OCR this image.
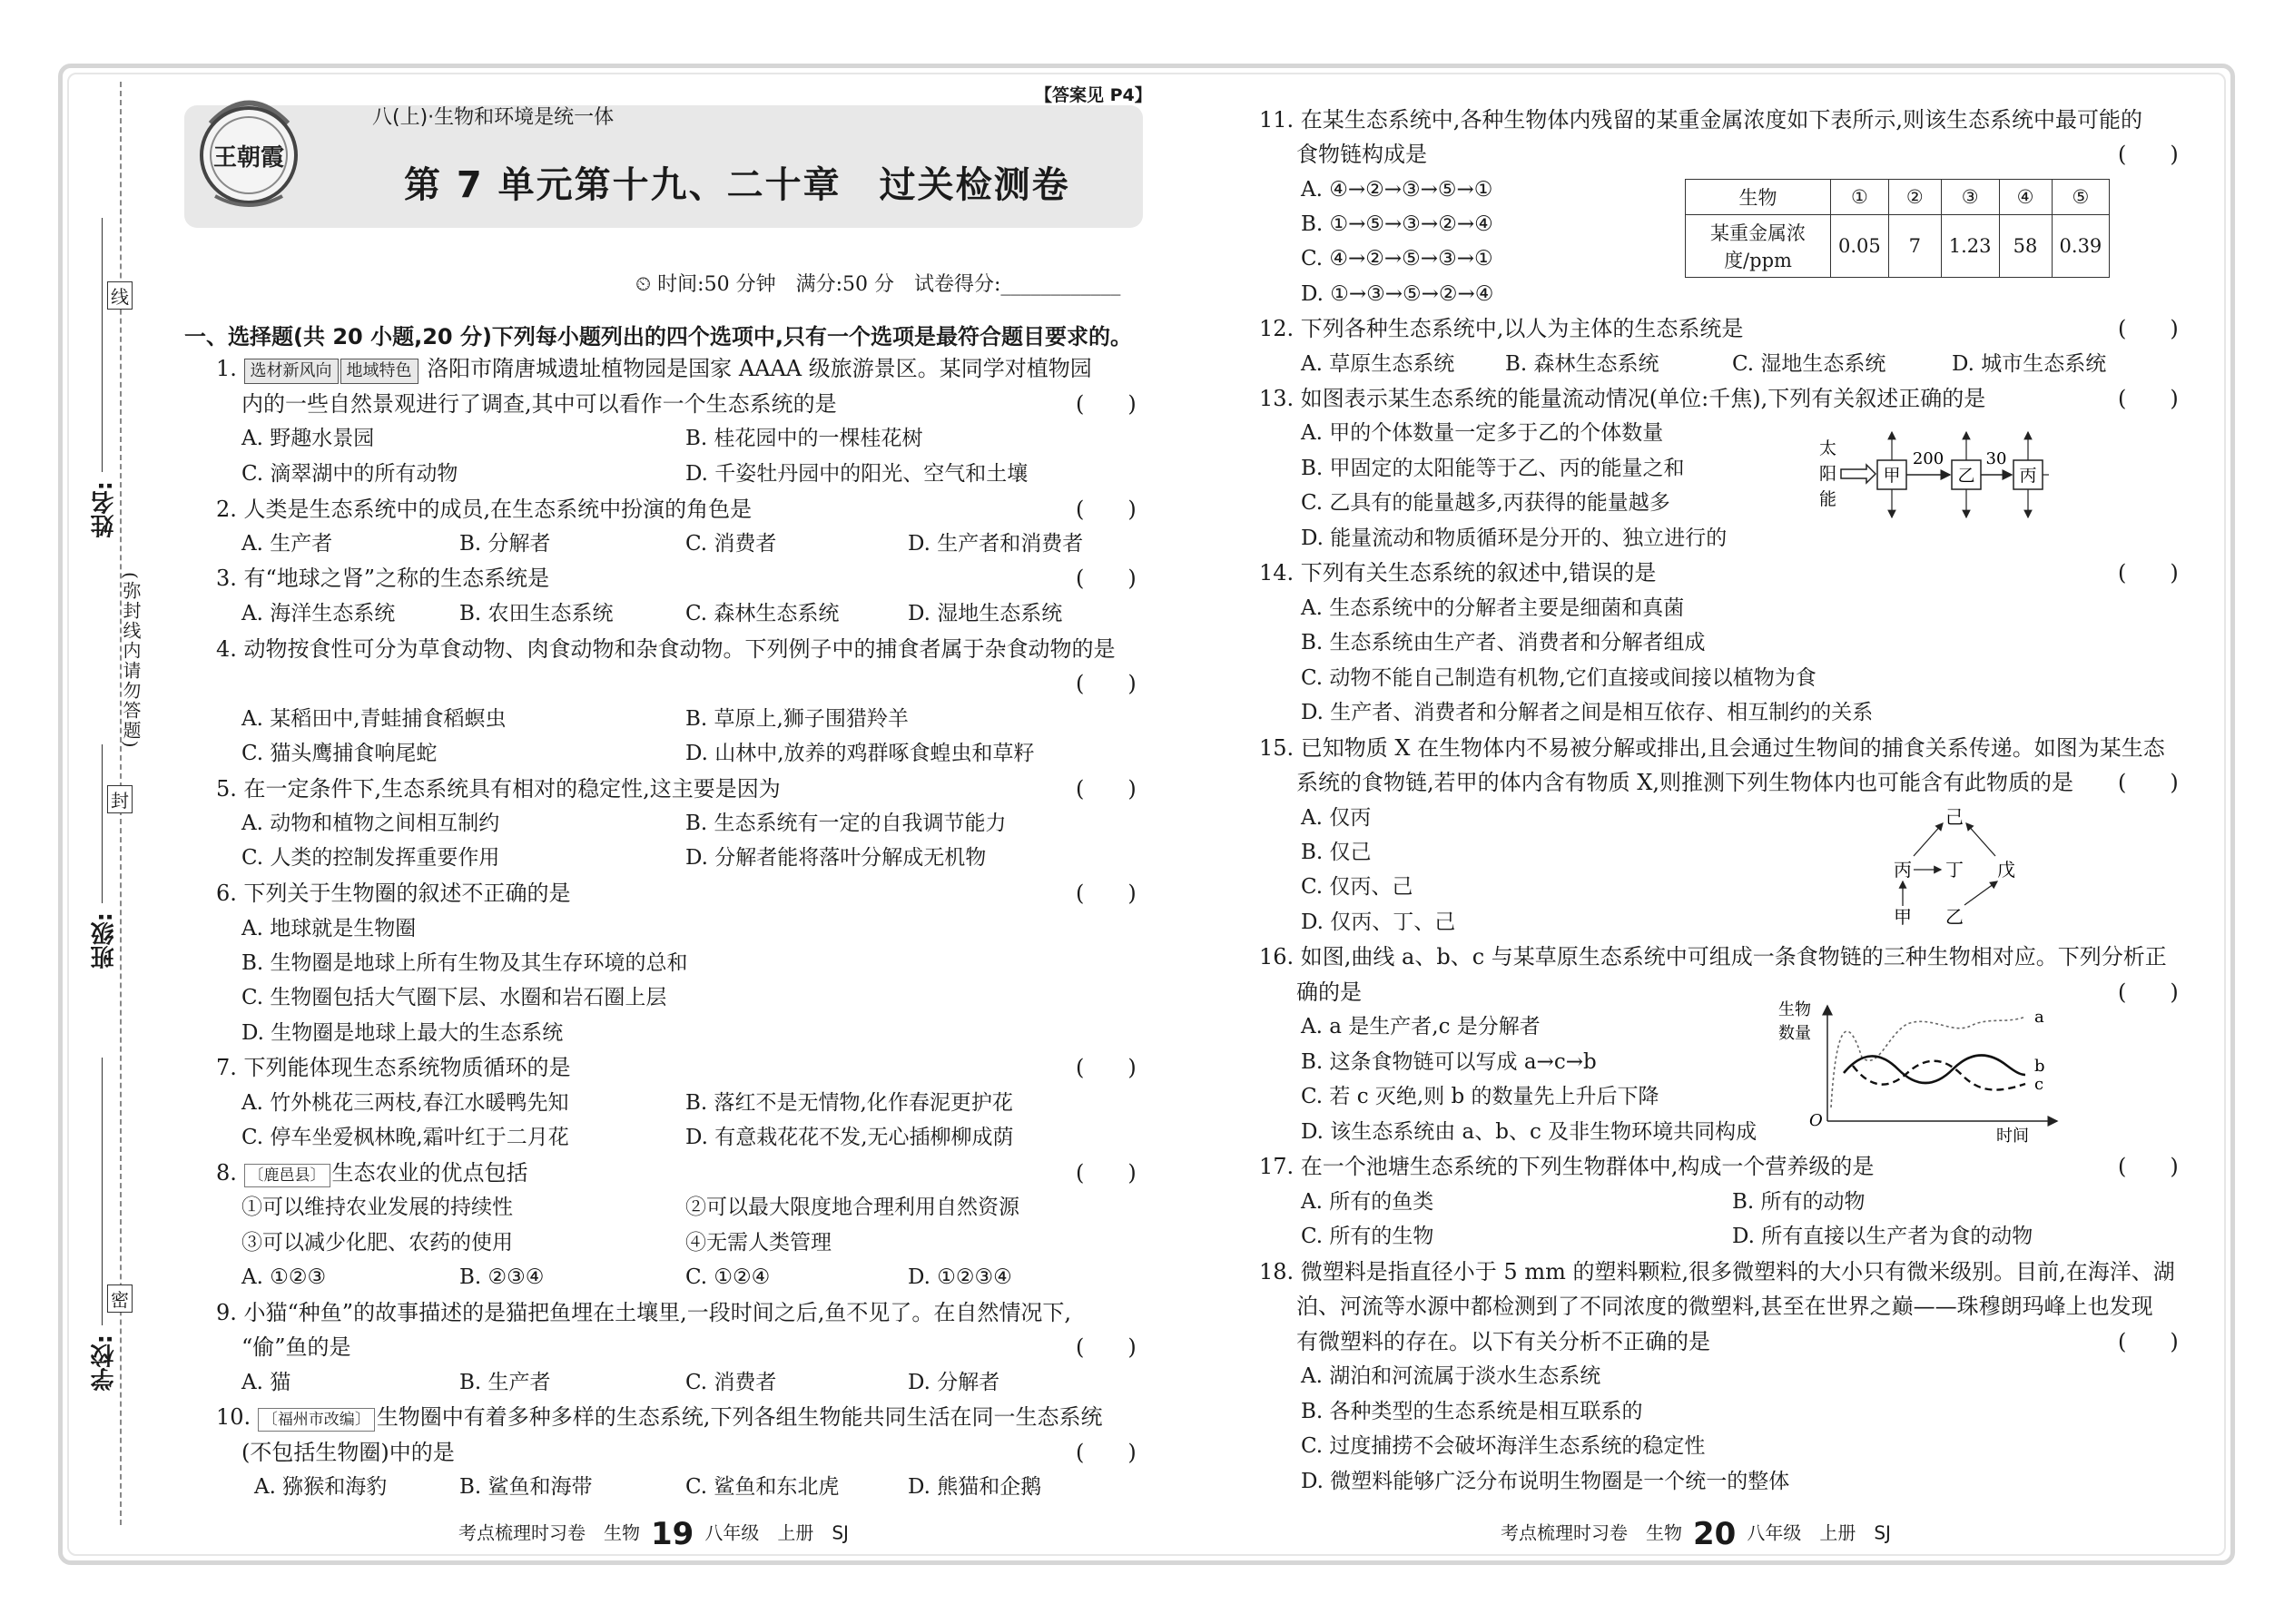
线
封
密
(弥封线内请勿答题)
姓名:
班级:
学校:
王朝霞
八(上)·生物和环境是统一体
【答案见 P4】
第 7 单元第十九、二十章　过关检测卷
⏲ 时间:50 分钟　满分:50 分　试卷得分:____________
一、选择题(共 20 小题,20 分)下列每小题列出的四个选项中,只有一个选项是最符合题目要求的。
1. 选材新风向 地域特色 洛阳市隋唐城遗址植物园是国家 AAAA 级旅游景区。某同学对植物园
内的一些自然景观进行了调查,其中可以看作一个生态系统的是	(　　)
A. 野趣水景园	B. 桂花园中的一棵桂花树
C. 滴翠湖中的所有动物	D. 千姿牡丹园中的阳光、空气和土壤
2. 人类是生态系统中的成员,在生态系统中扮演的角色是	(　　)
A. 生产者	B. 分解者	C. 消费者	D. 生产者和消费者
3. 有“地球之肾”之称的生态系统是	(　　)
A. 海洋生态系统	B. 农田生态系统	C. 森林生态系统	D. 湿地生态系统
4. 动物按食性可分为草食动物、肉食动物和杂食动物。下列例子中的捕食者属于杂食动物的是
(　　)
A. 某稻田中,青蛙捕食稻螟虫	B. 草原上,狮子围猎羚羊
C. 猫头鹰捕食响尾蛇	D. 山林中,放养的鸡群啄食蝗虫和草籽
5. 在一定条件下,生态系统具有相对的稳定性,这主要是因为	(　　)
A. 动物和植物之间相互制约	B. 生态系统有一定的自我调节能力
C. 人类的控制发挥重要作用	D. 分解者能将落叶分解成无机物
6. 下列关于生物圈的叙述不正确的是	(　　)
A. 地球就是生物圈
B. 生物圈是地球上所有生物及其生存环境的总和
C. 生物圈包括大气圈下层、水圈和岩石圈上层
D. 生物圈是地球上最大的生态系统
7. 下列能体现生态系统物质循环的是	(　　)
A. 竹外桃花三两枝,春江水暖鸭先知	B. 落红不是无情物,化作春泥更护花
C. 停车坐爱枫林晚,霜叶红于二月花	D. 有意栽花花不发,无心插柳柳成荫
8. 〔鹿邑县〕 生态农业的优点包括	(　　)
①可以维持农业发展的持续性	②可以最大限度地合理利用自然资源
③可以减少化肥、农药的使用	④无需人类管理
A. ①②③	B. ②③④	C. ①②④	D. ①②③④
9. 小猫“种鱼”的故事描述的是猫把鱼埋在土壤里,一段时间之后,鱼不见了。在自然情况下,
“偷”鱼的是	(　　)
A. 猫	B. 生产者	C. 消费者	D. 分解者
10. 〔福州市改编〕 生物圈中有着多种多样的生态系统,下列各组生物能共同生活在同一生态系统
(不包括生物圈)中的是	(　　)
A. 猕猴和海豹	B. 鲨鱼和海带	C. 鲨鱼和东北虎	D. 熊猫和企鹅
考点梳理时习卷　生物 19 八年级　上册　SJ
11. 在某生态系统中,各种生物体内残留的某重金属浓度如下表所示,则该生态系统中最可能的
食物链构成是	(　　)
A. ④→②→③→⑤→①
B. ①→⑤→③→②→④
C. ④→②→⑤→③→①
D. ①→③→⑤→②→④
12. 下列各种生态系统中,以人为主体的生态系统是	(　　)
A. 草原生态系统 B. 森林生态系统	C. 湿地生态系统	D. 城市生态系统
13. 如图表示某生态系统的能量流动情况(单位:千焦),下列有关叙述正确的是	(　　)
A. 甲的个体数量一定多于乙的个体数量
B. 甲固定的太阳能等于乙、丙的能量之和
C. 乙具有的能量越多,丙获得的能量越多
D. 能量流动和物质循环是分开的、独立进行的
14. 下列有关生态系统的叙述中,错误的是	(　　)
A. 生态系统中的分解者主要是细菌和真菌
B. 生态系统由生产者、消费者和分解者组成
C. 动物不能自己制造有机物,它们直接或间接以植物为食
D. 生产者、消费者和分解者之间是相互依存、相互制约的关系
15. 已知物质 X 在生物体内不易被分解或排出,且会通过生物间的捕食关系传递。如图为某生态
系统的食物链,若甲的体内含有物质 X,则推测下列生物体内也可能含有此物质的是 (　　)
A. 仅丙
B. 仅己
C. 仅丙、己
D. 仅丙、丁、己
16. 如图,曲线 a、b、c 与某草原生态系统中可组成一条食物链的三种生物相对应。下列分析正
确的是	(　　)
A. a 是生产者,c 是分解者
B. 这条食物链可以写成 a→c→b
C. 若 c 灭绝,则 b 的数量先上升后下降
D. 该生态系统由 a、b、c 及非生物环境共同构成
17. 在一个池塘生态系统的下列生物群体中,构成一个营养级的是	(　　)
A. 所有的鱼类	B. 所有的动物
C. 所有的生物	D. 所有直接以生产者为食的动物
18. 微塑料是指直径小于 5 mm 的塑料颗粒,很多微塑料的大小只有微米级别。目前,在海洋、湖
泊、河流等水源中都检测到了不同浓度的微塑料,甚至在世界之巅——珠穆朗玛峰上也发现
有微塑料的存在。以下有关分析不正确的是	(　　)
A. 湖泊和河流属于淡水生态系统
B. 各种类型的生态系统是相互联系的
C. 过度捕捞不会破坏海洋生态系统的稳定性
D. 微塑料能够广泛分布说明生物圈是一个统一的整体
太
阳
能
甲
200
乙
30
丙
己
丙 丁 戊
甲 乙
生物
数量
O
时间
a
b
c
考点梳理时习卷　生物 20 八年级　上册　SJ
生物	①	②	③	④	⑤
某重金属浓度/ppm	0.05	7	1.23	58	0.39
